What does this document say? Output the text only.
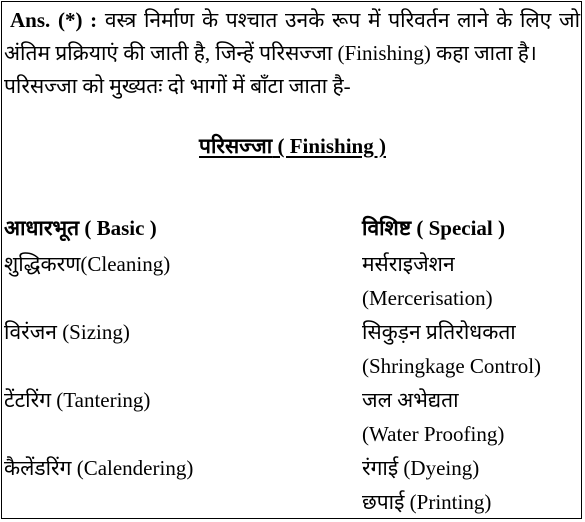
Ans. (*) : वस्त्र निर्माण के पश्चात उनके रूप में परिवर्तन लाने के लिए जो अंतिम प्रक्रियाएं की जाती है, जिन्हें परिसज्जा (Finishing) कहा जाता है।
परिसज्जा को मुख्यतः दो भागों में बाँटा जाता है-
परिसज्जा ( Finishing )
आधारभूत ( Basic )
शुद्धिकरण(Cleaning)
विरंजन (Sizing)
टेंटरिंग (Tantering)
कैलेंडरिंग (Calendering)
विशिष्ट ( Special )
मर्सराइजेशन
(Mercerisation)
सिकुड़न प्रतिरोधकता
(Shringkage Control)
जल अभेद्यता
(Water Proofing)
रंगाई (Dyeing)
छपाई (Printing)
